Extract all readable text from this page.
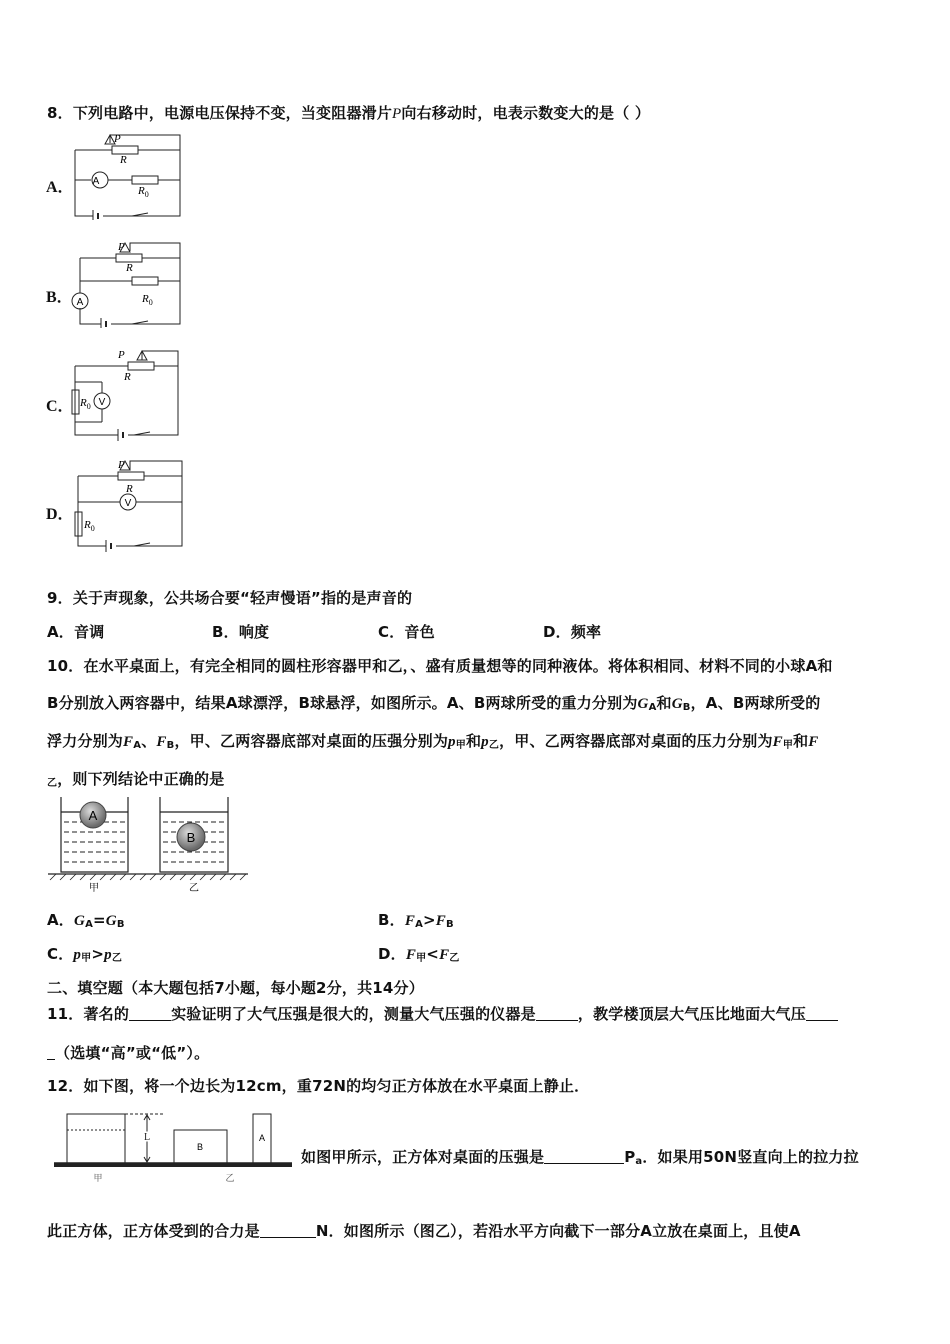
8．下列电路中，电源电压保持不变，当变阻器滑片P向右移动时，电表示数变大的是（ ）
A．
P
R
A
$R_0$
B．
P
R
A	$R_0$
C．
P
R
V
$R_0$
D．
P
R
V
$R_0$
9．关于声现象，公共场合要“轻声慢语”指的是声音的
A．音调	B．响度	C．音色	D．频率
10．在水平桌面上，有完全相同的圆柱形容器甲和乙，、盛有质量想等的同种液体。将体积相同、材料不同的小球A和
B分别放入两容器中，结果A球漂浮，B球悬浮，如图所示。A、B两球所受的重力分别为$G_A$和$G_B$，A、B两球所受的
浮力分别为$F_A$、$F_B$，甲、乙两容器底部对桌面的压强分别为$p_甲$和$p_乙$，甲、乙两容器底部对桌面的压力分别为$F_甲$和F
$_乙$，则下列结论中正确的是
A
B
甲	乙
A．$G_A=G_B$	B．$F_A>F_B$
C．$p_甲>p_乙$	D．$F_甲<F_乙$
二、填空题（本大题包括7小题，每小题2分，共14分）
11．著名的	实验证明了大气压强是很大的，测量大气压强的仪器是	，教学楼顶层大气压比地面大气压
（选填“高”或“低”）。
12．如下图，将一个边长为12cm，重72N的均匀正方体放在水平桌面上静止．
L
B
A
甲	乙
如图甲所示，正方体对桌面的压强是	$P_a$．如果用50N竖直向上的拉力拉
此正方体，正方体受到的合力是	N．如图所示（图乙），若沿水平方向截下一部分A立放在桌面上，且使A
